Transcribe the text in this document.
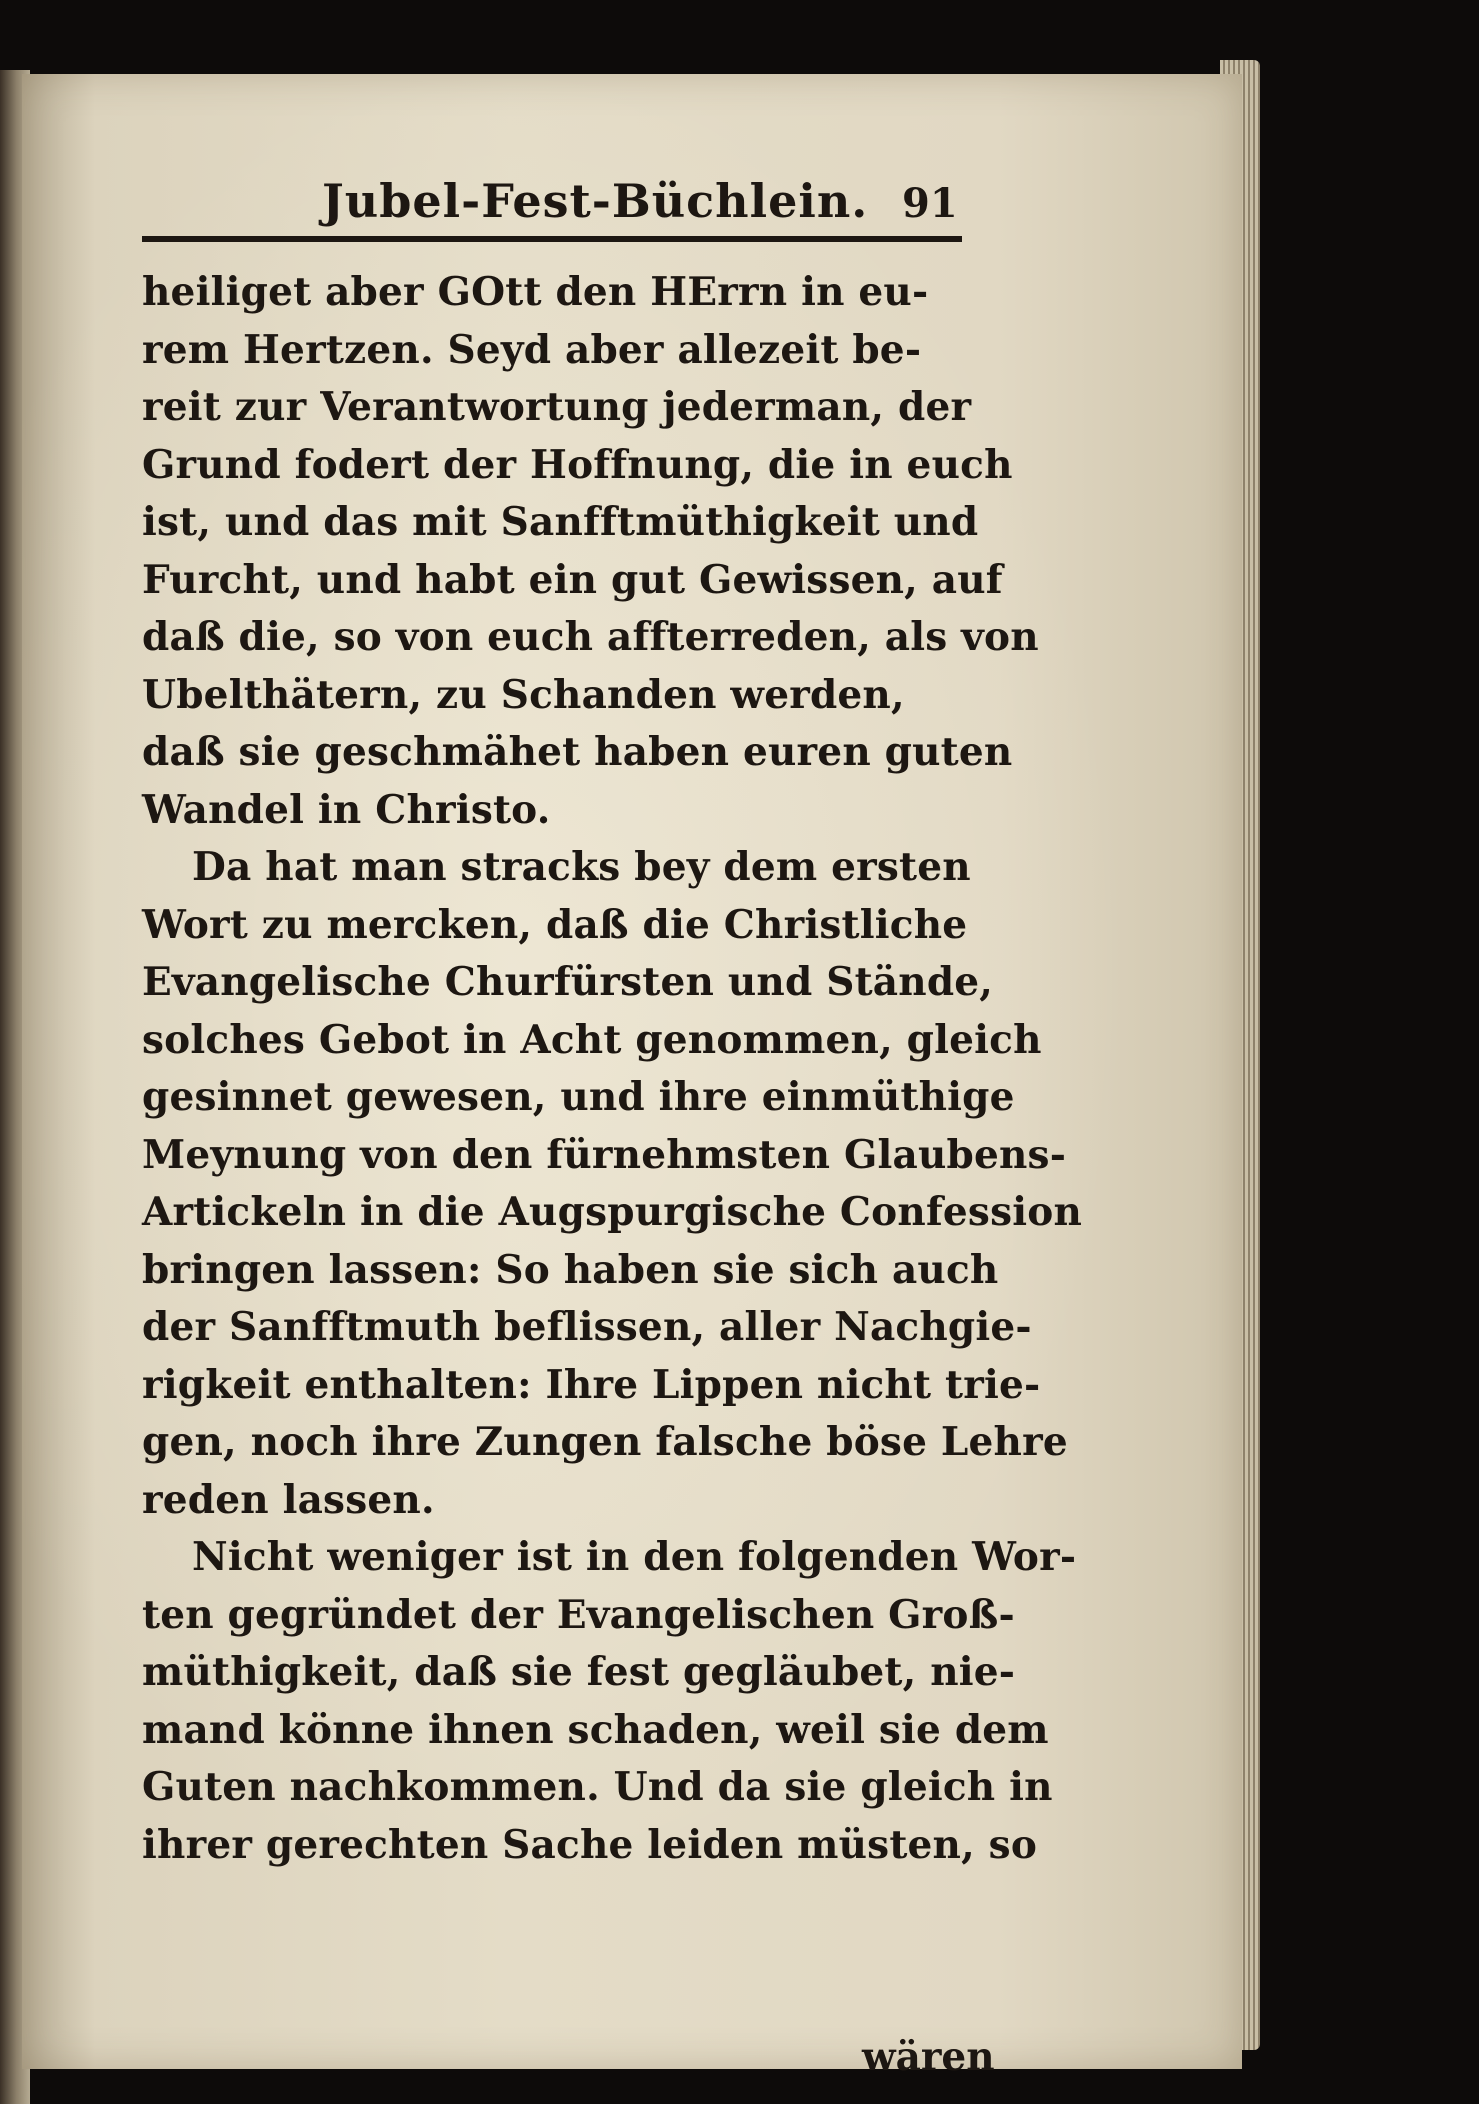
Jubel-Fest-Büchlein. 91
heiliget aber GOtt den HErrn in eu-
rem Hertzen. Seyd aber allezeit be-
reit zur Verantwortung jederman, der
Grund fodert der Hoffnung, die in euch
ist, und das mit Sanfftmüthigkeit und
Furcht, und habt ein gut Gewissen, auf
daß die, so von euch affterreden, als von
Ubelthätern, zu Schanden werden,
daß sie geschmähet haben euren guten
Wandel in Christo.
Da hat man stracks bey dem ersten
Wort zu mercken, daß die Christliche
Evangelische Churfürsten und Stände,
solches Gebot in Acht genommen, gleich
gesinnet gewesen, und ihre einmüthige
Meynung von den fürnehmsten Glaubens-
Artickeln in die Augspurgische Confession
bringen lassen: So haben sie sich auch
der Sanfftmuth beflissen, aller Nachgie-
rigkeit enthalten: Ihre Lippen nicht trie-
gen, noch ihre Zungen falsche böse Lehre
reden lassen.
Nicht weniger ist in den folgenden Wor-
ten gegründet der Evangelischen Groß-
müthigkeit, daß sie fest gegläubet, nie-
mand könne ihnen schaden, weil sie dem
Guten nachkommen. Und da sie gleich in
ihrer gerechten Sache leiden müsten, so
wären
